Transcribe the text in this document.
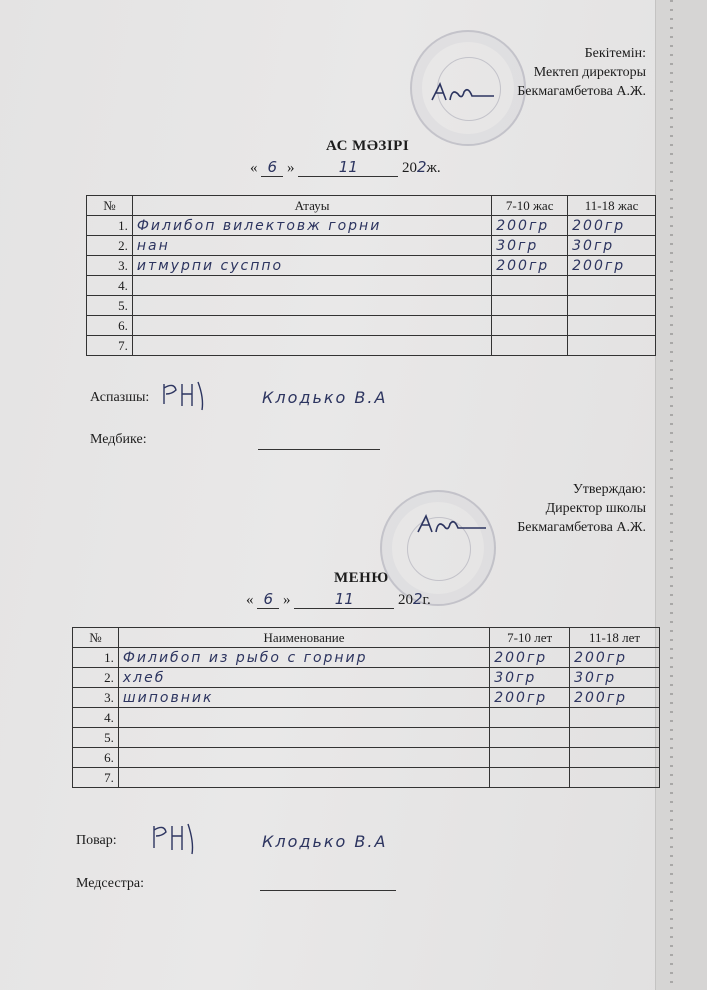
Бекітемін:
Мектеп директоры
Бекмагамбетова А.Ж.
АС МӘЗІРІ
« 6 »	11	202ж.
№	Атауы	7-10 жас	11-18 жас
1.	Филибоп вилектовж горни	200гр	200гр
2.	нан	30гр	30гр
3.	итмурпи сусппо	200гр	200гр
4.			
5.			
6.			
7.			
Аспазшы:	Клодько В.А
Медбике:
Утверждаю:
Директор школы
Бекмагамбетова А.Ж.
МЕНЮ
« 6 »	11	202г.
№	Наименование	7-10 лет	11-18 лет
1.	Филибоп из рыбо с горнир	200гр	200гр
2.	хлеб	30гр	30гр
3.	шиповник	200гр	200гр
4.			
5.			
6.			
7.			
Повар:	Клодько В.А
Медсестра:
